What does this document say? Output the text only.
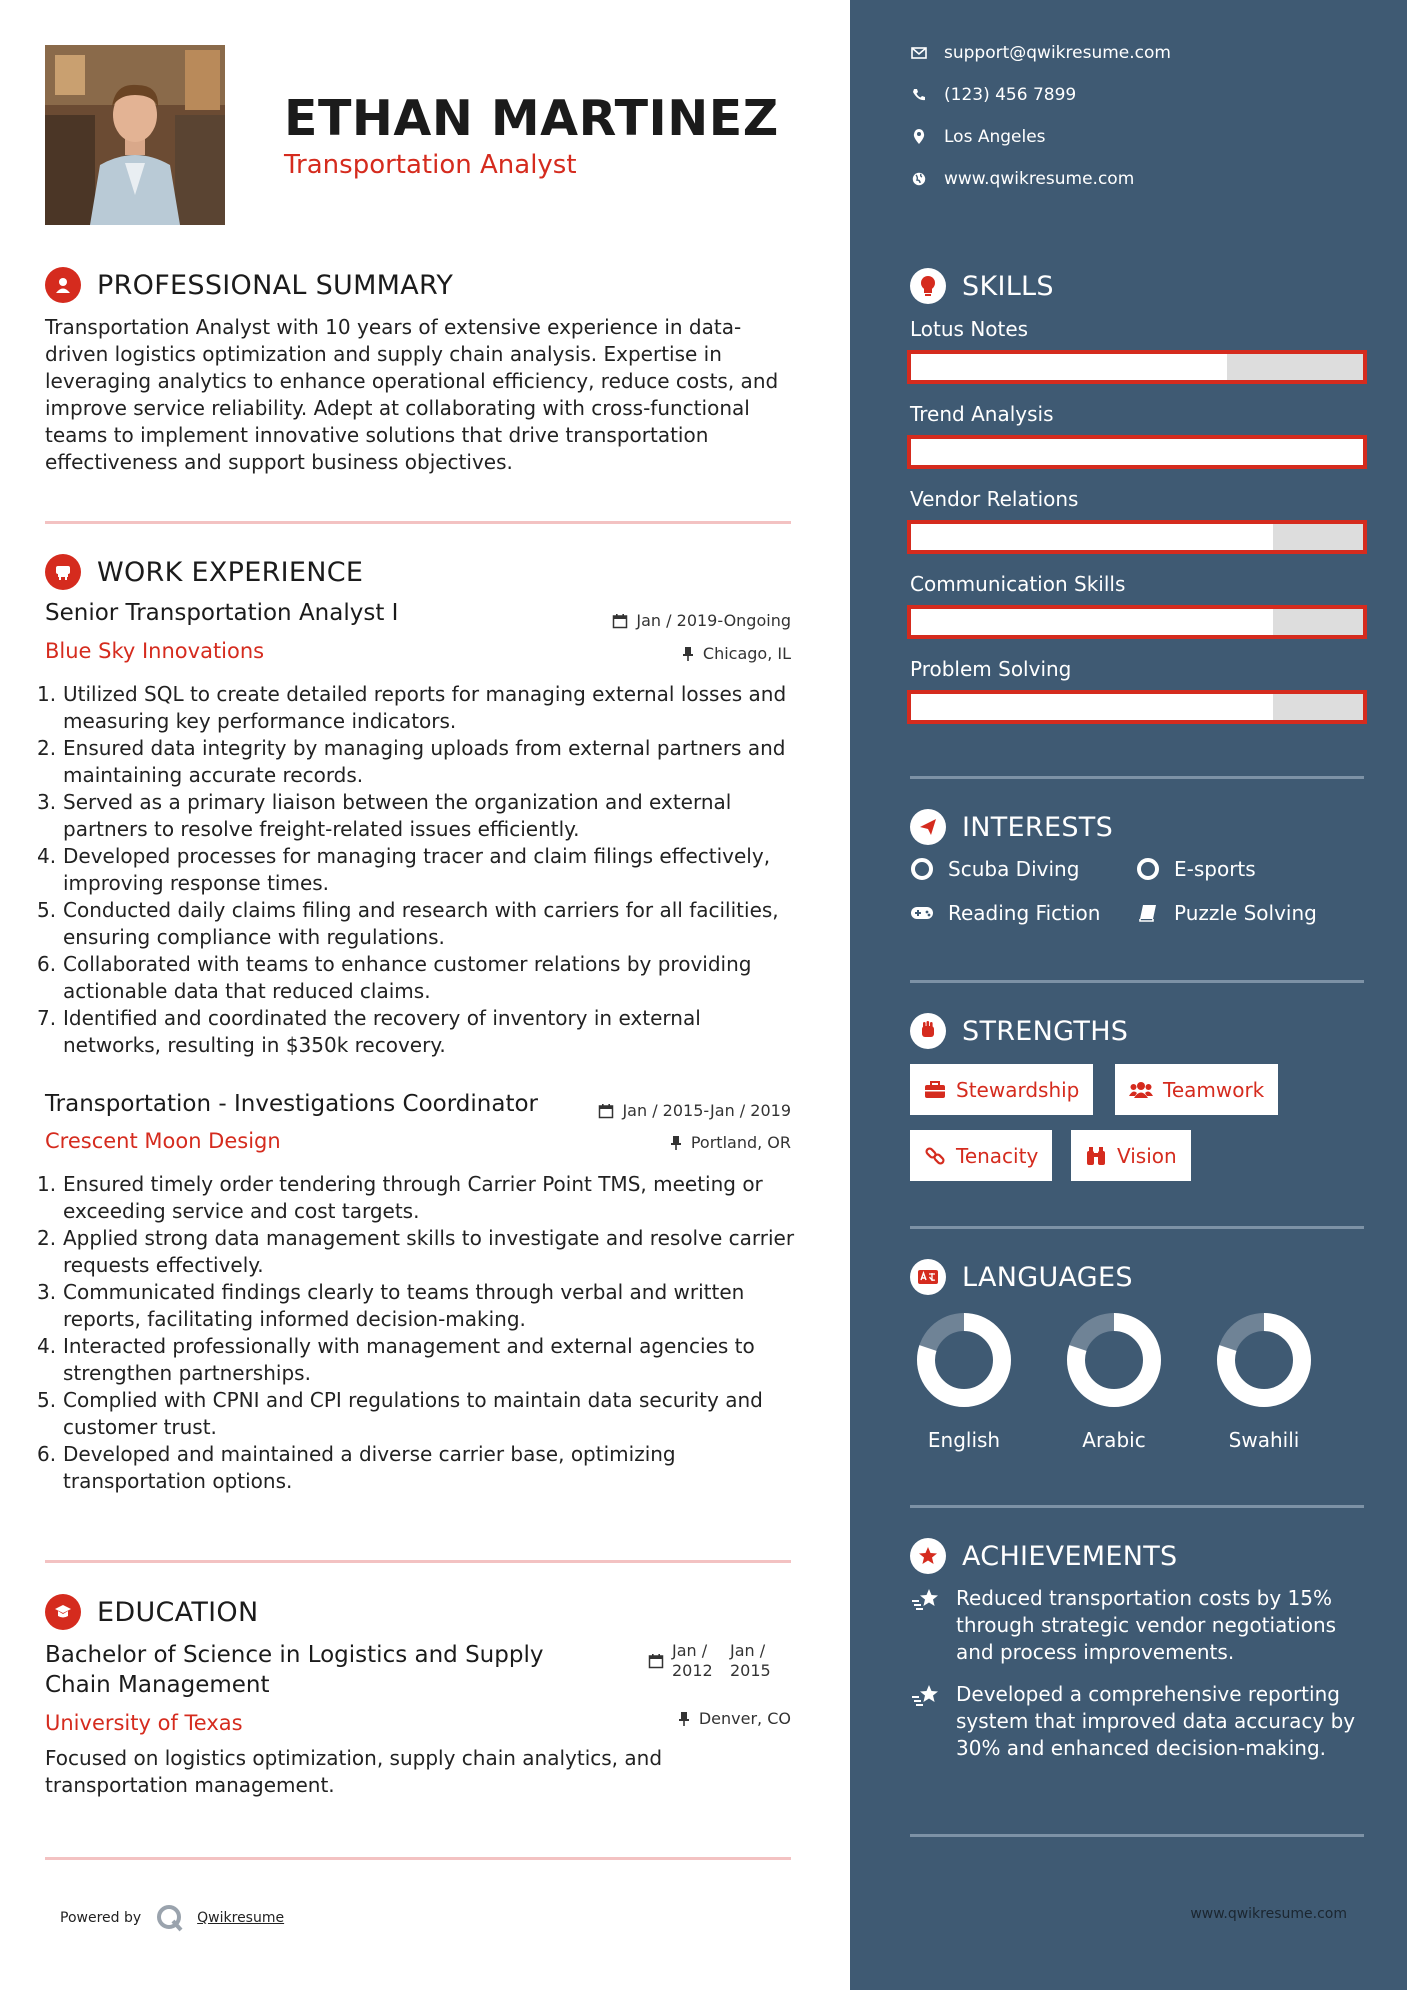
ETHAN MARTINEZ
Transportation Analyst
PROFESSIONAL SUMMARY
Transportation Analyst with 10 years of extensive experience in data-driven logistics optimization and supply chain analysis. Expertise in leveraging analytics to enhance operational efficiency, reduce costs, and improve service reliability. Adept at collaborating with cross-functional teams to implement innovative solutions that drive transportation effectiveness and support business objectives.
WORK EXPERIENCE
Senior Transportation Analyst I	Jan / 2019-Ongoing
Blue Sky Innovations	Chicago, IL
1. Utilized SQL to create detailed reports for managing external losses and measuring key performance indicators.
2. Ensured data integrity by managing uploads from external partners and maintaining accurate records.
3. Served as a primary liaison between the organization and external partners to resolve freight-related issues efficiently.
4. Developed processes for managing tracer and claim filings effectively, improving response times.
5. Conducted daily claims filing and research with carriers for all facilities, ensuring compliance with regulations.
6. Collaborated with teams to enhance customer relations by providing actionable data that reduced claims.
7. Identified and coordinated the recovery of inventory in external networks, resulting in $350k recovery.
Transportation - Investigations Coordinator	Jan / 2015-Jan / 2019
Crescent Moon Design	Portland, OR
1. Ensured timely order tendering through Carrier Point TMS, meeting or exceeding service and cost targets.
2. Applied strong data management skills to investigate and resolve carrier requests effectively.
3. Communicated findings clearly to teams through verbal and written reports, facilitating informed decision-making.
4. Interacted professionally with management and external agencies to strengthen partnerships.
5. Complied with CPNI and CPI regulations to maintain data security and customer trust.
6. Developed and maintained a diverse carrier base, optimizing transportation options.
EDUCATION
Bachelor of Science in Logistics and Supply Chain Management
Jan / 2012
Jan / 2015
University of Texas	Denver, CO
Focused on logistics optimization, supply chain analytics, and transportation management.
Powered by	Qwikresume
support@qwikresume.com
(123) 456 7899
Los Angeles
www.qwikresume.com
SKILLS
Lotus Notes
Trend Analysis
Vendor Relations
Communication Skills
Problem Solving
INTERESTS
Scuba Diving	E-sports
Reading Fiction	Puzzle Solving
STRENGTHS
Stewardship	Teamwork
Tenacity	Vision
LANGUAGES
English	Arabic	Swahili
ACHIEVEMENTS
Reduced transportation costs by 15% through strategic vendor negotiations and process improvements.
Developed a comprehensive reporting system that improved data accuracy by 30% and enhanced decision-making.
www.qwikresume.com
